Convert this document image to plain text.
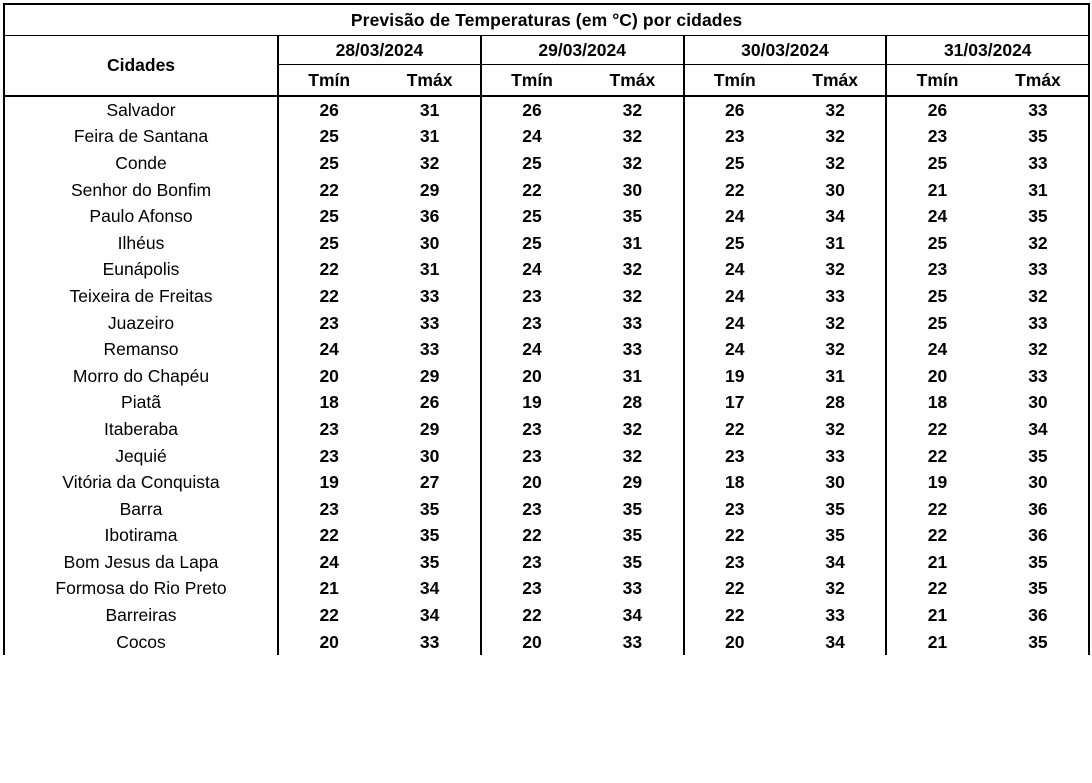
Previsão de Temperaturas (em °C) por cidades								
Cidades	28/03/2024		29/03/2024		30/03/2024		31/03/2024	
	Tmín	Tmáx	Tmín	Tmáx	Tmín	Tmáx	Tmín	Tmáx
Salvador	26	31	26	32	26	32	26	33
Feira de Santana	25	31	24	32	23	32	23	35
Conde	25	32	25	32	25	32	25	33
Senhor do Bonfim	22	29	22	30	22	30	21	31
Paulo Afonso	25	36	25	35	24	34	24	35
Ilhéus	25	30	25	31	25	31	25	32
Eunápolis	22	31	24	32	24	32	23	33
Teixeira de Freitas	22	33	23	32	24	33	25	32
Juazeiro	23	33	23	33	24	32	25	33
Remanso	24	33	24	33	24	32	24	32
Morro do Chapéu	20	29	20	31	19	31	20	33
Piatã	18	26	19	28	17	28	18	30
Itaberaba	23	29	23	32	22	32	22	34
Jequié	23	30	23	32	23	33	22	35
Vitória da Conquista	19	27	20	29	18	30	19	30
Barra	23	35	23	35	23	35	22	36
Ibotirama	22	35	22	35	22	35	22	36
Bom Jesus da Lapa	24	35	23	35	23	34	21	35
Formosa do Rio Preto	21	34	23	33	22	32	22	35
Barreiras	22	34	22	34	22	33	21	36
Cocos	20	33	20	33	20	34	21	35
